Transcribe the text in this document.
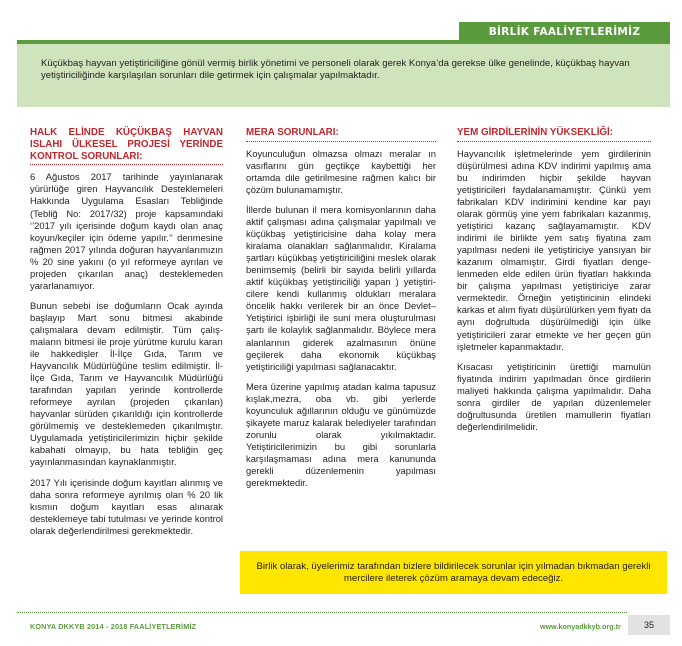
BİRLİK FAALİYETLERİMİZ

Küçükbaş hayvan yetiştiriciliğine gönül vermiş birlik yönetimi ve personeli olarak gerek Konya’da gerekse ülke genelinde, küçükbaş hayvan yetiştiriciliğinde karşılaşılan sorunları dile getirmek için çalışmalar yapılmaktadır.

HALK ELİNDE KÜÇÜKBAŞ HAYVAN ISLAHI ÜLKESEL PROJESİ YERİNDE KONTROL SORUNLARI:

6 Ağustos 2017 tarihinde yayınlanarak yürürlüğe giren Hayvancılık Desteklemeleri Hakkında Uygulama Esasları Tebliğinde (Tebliğ No: 2017/32) proje kapsamındaki ‘’2017 yılı içerisinde doğum kaydı olan anaç koyun/keçiler için ödeme yapılır.’’ denmesine rağmen 2017 yılında doğuran hayvanlarımızın % 20 sine yakını (o yıl reformeye ayrılan ve projeden çıkarılan anaç) desteklemeden yararlanamıyor.

Bunun sebebi ise doğumların Ocak ayında başlayıp Mart sonu bitmesi akabinde çalışmalara devam edilmiştir. Tüm çalışmaların bitmesi ile proje yürütme kurulu kararı ile hakkedişler İl-İlçe Gıda, Tarım ve Hayvancılık Müdürlüğüne teslim edilmiştir. İl-İlçe Gıda, Tarım ve Hayvancılık Müdürlüğü tarafından yapılan yerinde kontrollerde reformeye ayrılan (projeden çıkarılan) hayvanlar sürüden çıkarıldığı için kontrollerde görülmemiş ve desteklemeden çıkarılmıştır. Uygulamada yetiştiricilerimizin hiçbir şekilde kabahati olmayıp, bu hata tebliğin geç yayınlanmasından kaynaklanmıştır.

2017 Yılı içerisinde doğum kayıtları alınmış ve daha sonra reformeye ayrılmış olan % 20 lik kısmın doğum kayıtları esas alınarak desteklemeye tabi tutulması ve yerinde kontrol olarak değerlendirilmesi gerekmektedir.

MERA SORUNLARI:

Koyunculuğun olmazsa olmazı meralar ın vasıflarını gün geçtikçe kaybettiği her ortamda dile getirilmesine rağmen kalıcı bir çözüm bulunamamıştır.

İllerde bulunan il mera komisyonlarının daha aktif çalışması adına çalışmalar yapılmalı ve küçükbaş yetiştiricisine daha kolay mera kiralama olanakları sağlanmalıdır. Kiralama şartları küçükbaş yetiştiriciliğini meslek olarak benimsemiş (belirli bir sayıda belirli yıllarda aktif küçükbaş yetiştiriciliği yapan ) yetiştiricilere kendi kullanmış oldukları meralara öncelik hakkı verilerek bir an önce Devlet–Yetiştirici işbirliği ile suni mera oluşturulması şartı ile kolaylık sağlanmalıdır. Böylece mera alanlarının giderek azalmasının önüne geçilerek daha ekonomik küçükbaş yetiştiriciliği yapılması sağlanacaktır.

Mera üzerine yapılmış atadan kalma tapusuz kışlak,mezra, oba vb. gibi yerlerde koyunculuk ağıllarının olduğu ve günümüzde şikayete maruz kalarak belediyeler tarafından zorunlu olarak yıkılmaktadır. Yetiştiricilerimizin bu gibi sorunlarla karşılaşmaması adına mera kanununda gerekli düzenlemenin yapılması gerekmektedir.

YEM GİRDİLERİNİN YÜKSEKLİĞİ:

Hayvancılık işletmelerinde yem girdilerinin düşürülmesi adına KDV indirimi yapılmış ama bu indirimden hiçbir şekilde hayvan yetiştiricileri faydalanamamıştır. Çünkü yem fabrikaları KDV indirimini kendine kar payı olarak görmüş yine yem fabrikaları kazanmış, yetiştirici kazanç sağlayamamıştır. KDV indirimi ile birlikte yem satış fiyatına zam yapılması nedeni ile yetiştiriciye yansıyan bir kazanım olmamıştır. Girdi fiyatları dengelenmeden elde edilen ürün fiyatları hakkında bir çalışma yapılması yetiştiriciye zarar vermektedir. Örneğin yetiştiricinin elindeki karkas et alım fiyatı düşürülürken yem fiyatı da aynı doğrultuda düşürülmediği için ülke yetiştiricileri zarar etmekte ve her geçen gün işletmeler kapanmaktadır.

Kısacası yetiştiricinin ürettiği mamulün fiyatında indirim yapılmadan önce girdilerin maliyeti hakkında çalışma yapılmalıdır. Daha sonra girdiler de yapılan düzenlemeler doğrultusunda üretilen mamullerin fiyatları değerlendirilmelidir.

Birlik olarak, üyelerimiz tarafından bizlere bildirilecek sorunlar için yılmadan bıkmadan gerekli mercilere ileterek çözüm aramaya devam edeceğiz.

KONYA DKKYB 2014 - 2018 FAALİYETLERİMİZ	www.konyadkkyb.org.tr	35
